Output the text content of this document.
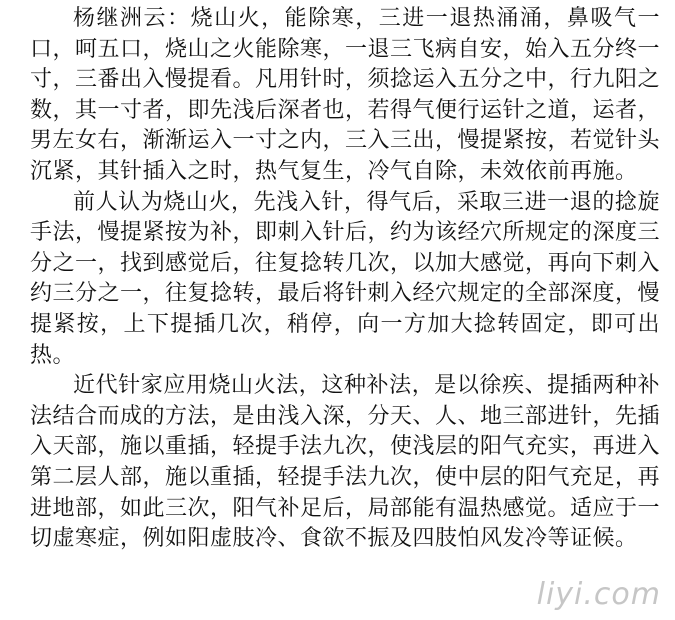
杨继洲云：烧山火，能除寒，三进一退热涌涌，鼻吸气一口，呵五口，烧山之火能除寒，一退三飞病自安，始入五分终一寸，三番出入慢提看。凡用针时，须捻运入五分之中，行九阳之数，其一寸者，即先浅后深者也，若得气便行运针之道，运者，男左女右，渐渐运入一寸之内，三入三出，慢提紧按，若觉针头沉紧，其针插入之时，热气复生，冷气自除，未效依前再施。

前人认为烧山火，先浅入针，得气后，采取三进一退的捻旋手法，慢提紧按为补，即刺入针后，约为该经穴所规定的深度三分之一，找到感觉后，往复捻转几次，以加大感觉，再向下刺入约三分之一，往复捻转，最后将针刺入经穴规定的全部深度，慢提紧按，上下提插几次，稍停，向一方加大捻转固定，即可出热。

近代针家应用烧山火法，这种补法，是以徐疾、提插两种补法结合而成的方法，是由浅入深，分天、人、地三部进针，先插入天部，施以重插，轻提手法九次，使浅层的阳气充实，再进入第二层人部，施以重插，轻提手法九次，使中层的阳气充足，再进地部，如此三次，阳气补足后，局部能有温热感觉。适应于一切虚寒症，例如阳虚肢冷、食欲不振及四肢怕风发冷等证候。

liyi.com
